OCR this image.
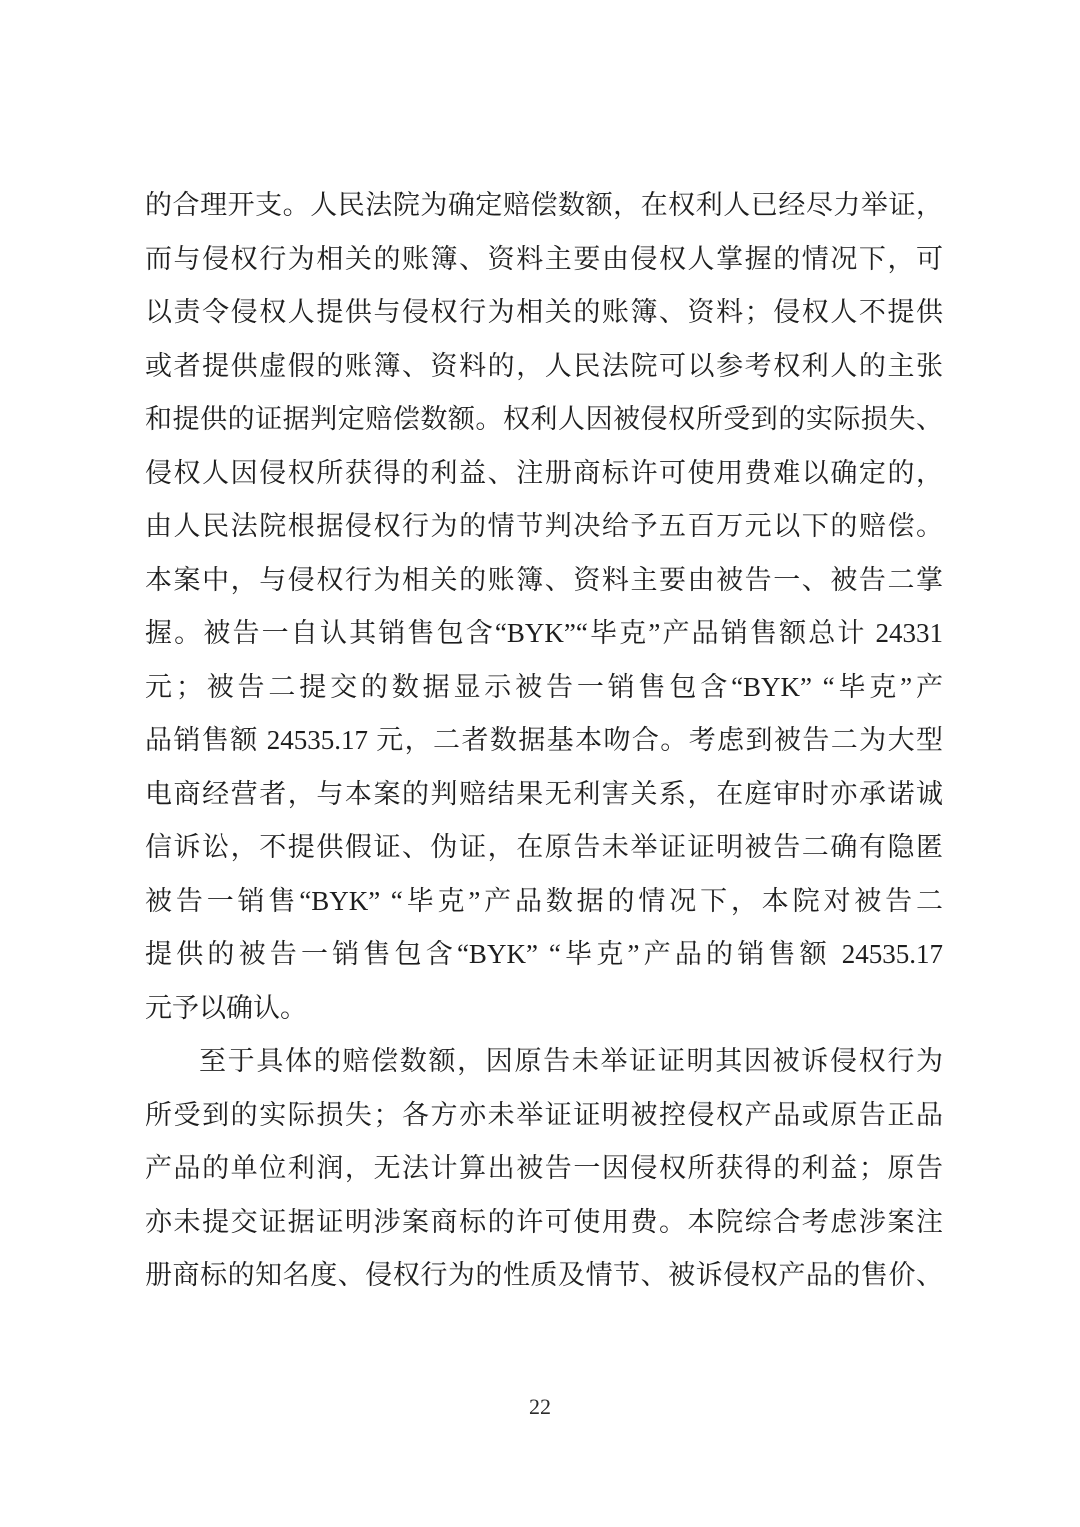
的合理开支。人民法院为确定赔偿数额，在权利人已经尽力举证，
而与侵权行为相关的账簿、资料主要由侵权人掌握的情况下，可
以责令侵权人提供与侵权行为相关的账簿、资料；侵权人不提供
或者提供虚假的账簿、资料的，人民法院可以参考权利人的主张
和提供的证据判定赔偿数额。权利人因被侵权所受到的实际损失、
侵权人因侵权所获得的利益、注册商标许可使用费难以确定的，
由人民法院根据侵权行为的情节判决给予五百万元以下的赔偿。
本案中，与侵权行为相关的账簿、资料主要由被告一、被告二掌
握。被告一自认其销售包含“BYK”“毕克”产品销售额总计 24331
元；被告二提交的数据显示被告一销售包含“BYK” “毕克”产
品销售额 24535.17 元，二者数据基本吻合。考虑到被告二为大型
电商经营者，与本案的判赔结果无利害关系，在庭审时亦承诺诚
信诉讼，不提供假证、伪证，在原告未举证证明被告二确有隐匿
被告一销售“BYK” “毕克”产品数据的情况下，本院对被告二
提供的被告一销售包含“BYK” “毕克”产品的销售额 24535.17
元予以确认。
至于具体的赔偿数额，因原告未举证证明其因被诉侵权行为
所受到的实际损失；各方亦未举证证明被控侵权产品或原告正品
产品的单位利润，无法计算出被告一因侵权所获得的利益；原告
亦未提交证据证明涉案商标的许可使用费。本院综合考虑涉案注
册商标的知名度、侵权行为的性质及情节、被诉侵权产品的售价、
22
